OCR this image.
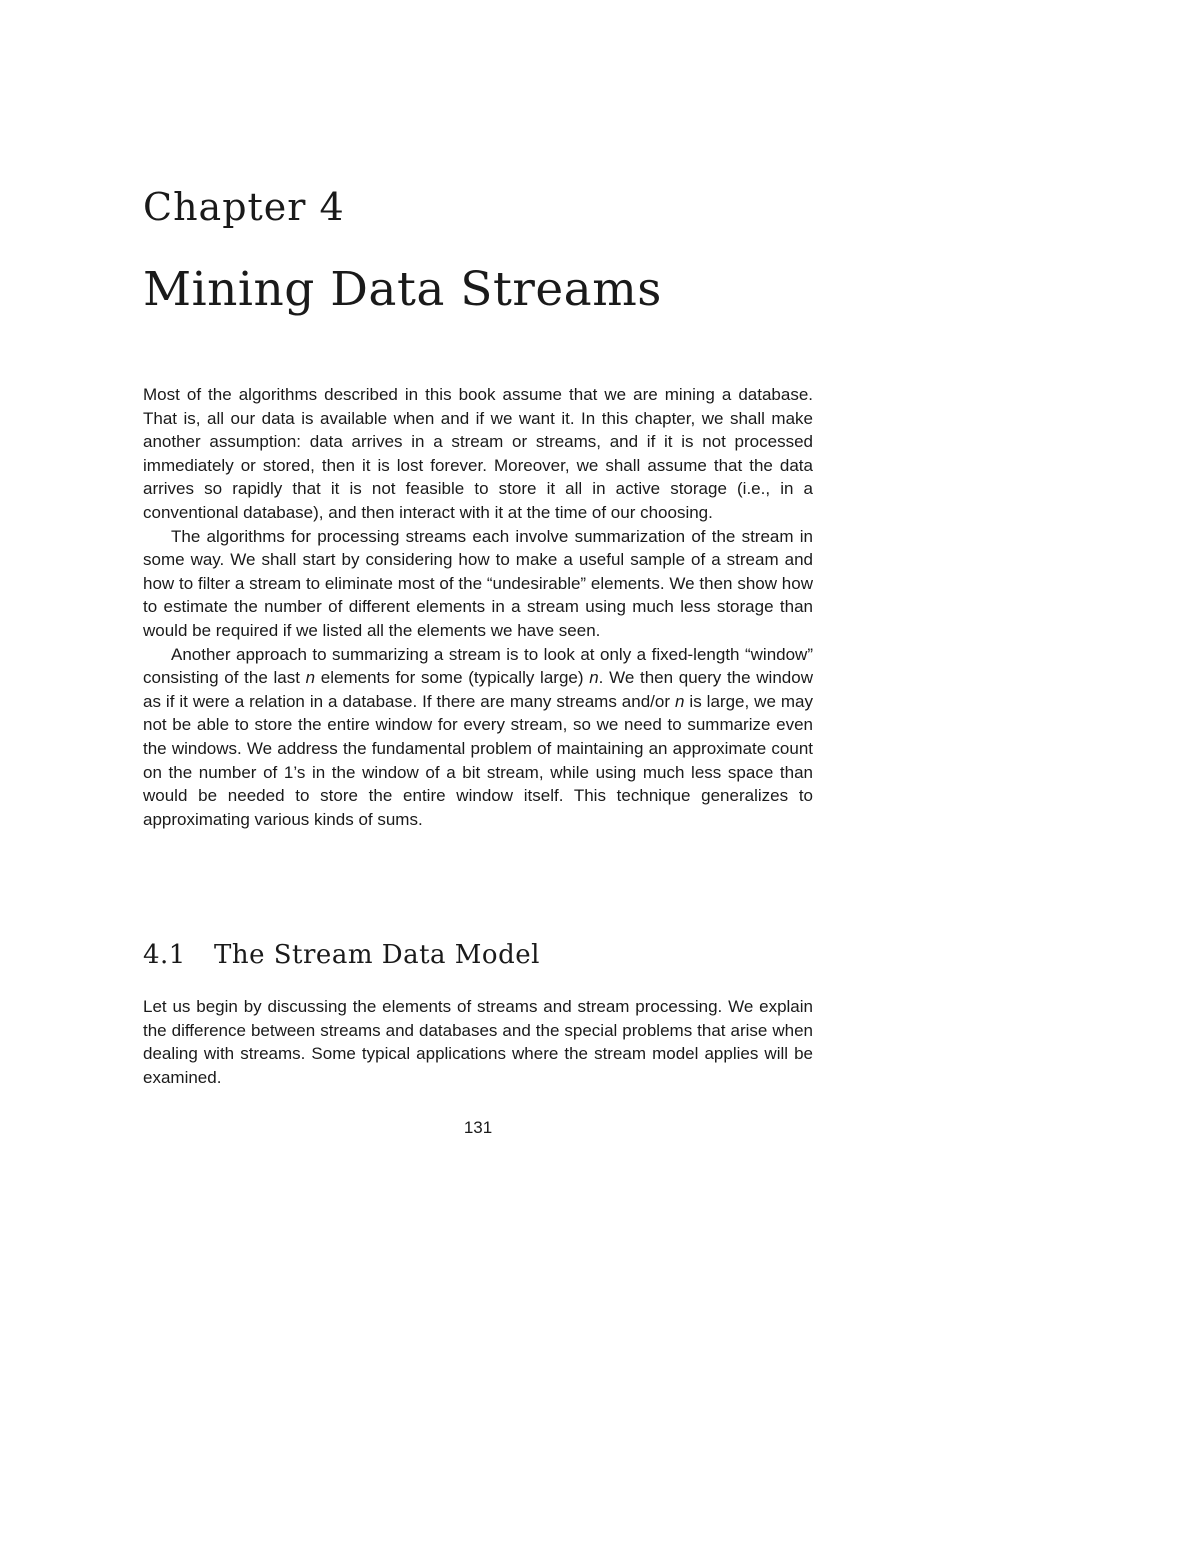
Chapter 4
Mining Data Streams

Most of the algorithms described in this book assume that we are mining a database. That is, all our data is available when and if we want it. In this chapter, we shall make another assumption: data arrives in a stream or streams, and if it is not processed immediately or stored, then it is lost forever. Moreover, we shall assume that the data arrives so rapidly that it is not feasible to store it all in active storage (i.e., in a conventional database), and then interact with it at the time of our choosing.

The algorithms for processing streams each involve summarization of the stream in some way. We shall start by considering how to make a useful sample of a stream and how to filter a stream to eliminate most of the “undesirable” elements. We then show how to estimate the number of different elements in a stream using much less storage than would be required if we listed all the elements we have seen.

Another approach to summarizing a stream is to look at only a fixed-length “window” consisting of the last n elements for some (typically large) n. We then query the window as if it were a relation in a database. If there are many streams and/or n is large, we may not be able to store the entire window for every stream, so we need to summarize even the windows. We address the fundamental problem of maintaining an approximate count on the number of 1’s in the window of a bit stream, while using much less space than would be needed to store the entire window itself. This technique generalizes to approximating various kinds of sums.

4.1 The Stream Data Model

Let us begin by discussing the elements of streams and stream processing. We explain the difference between streams and databases and the special problems that arise when dealing with streams. Some typical applications where the stream model applies will be examined.

131
